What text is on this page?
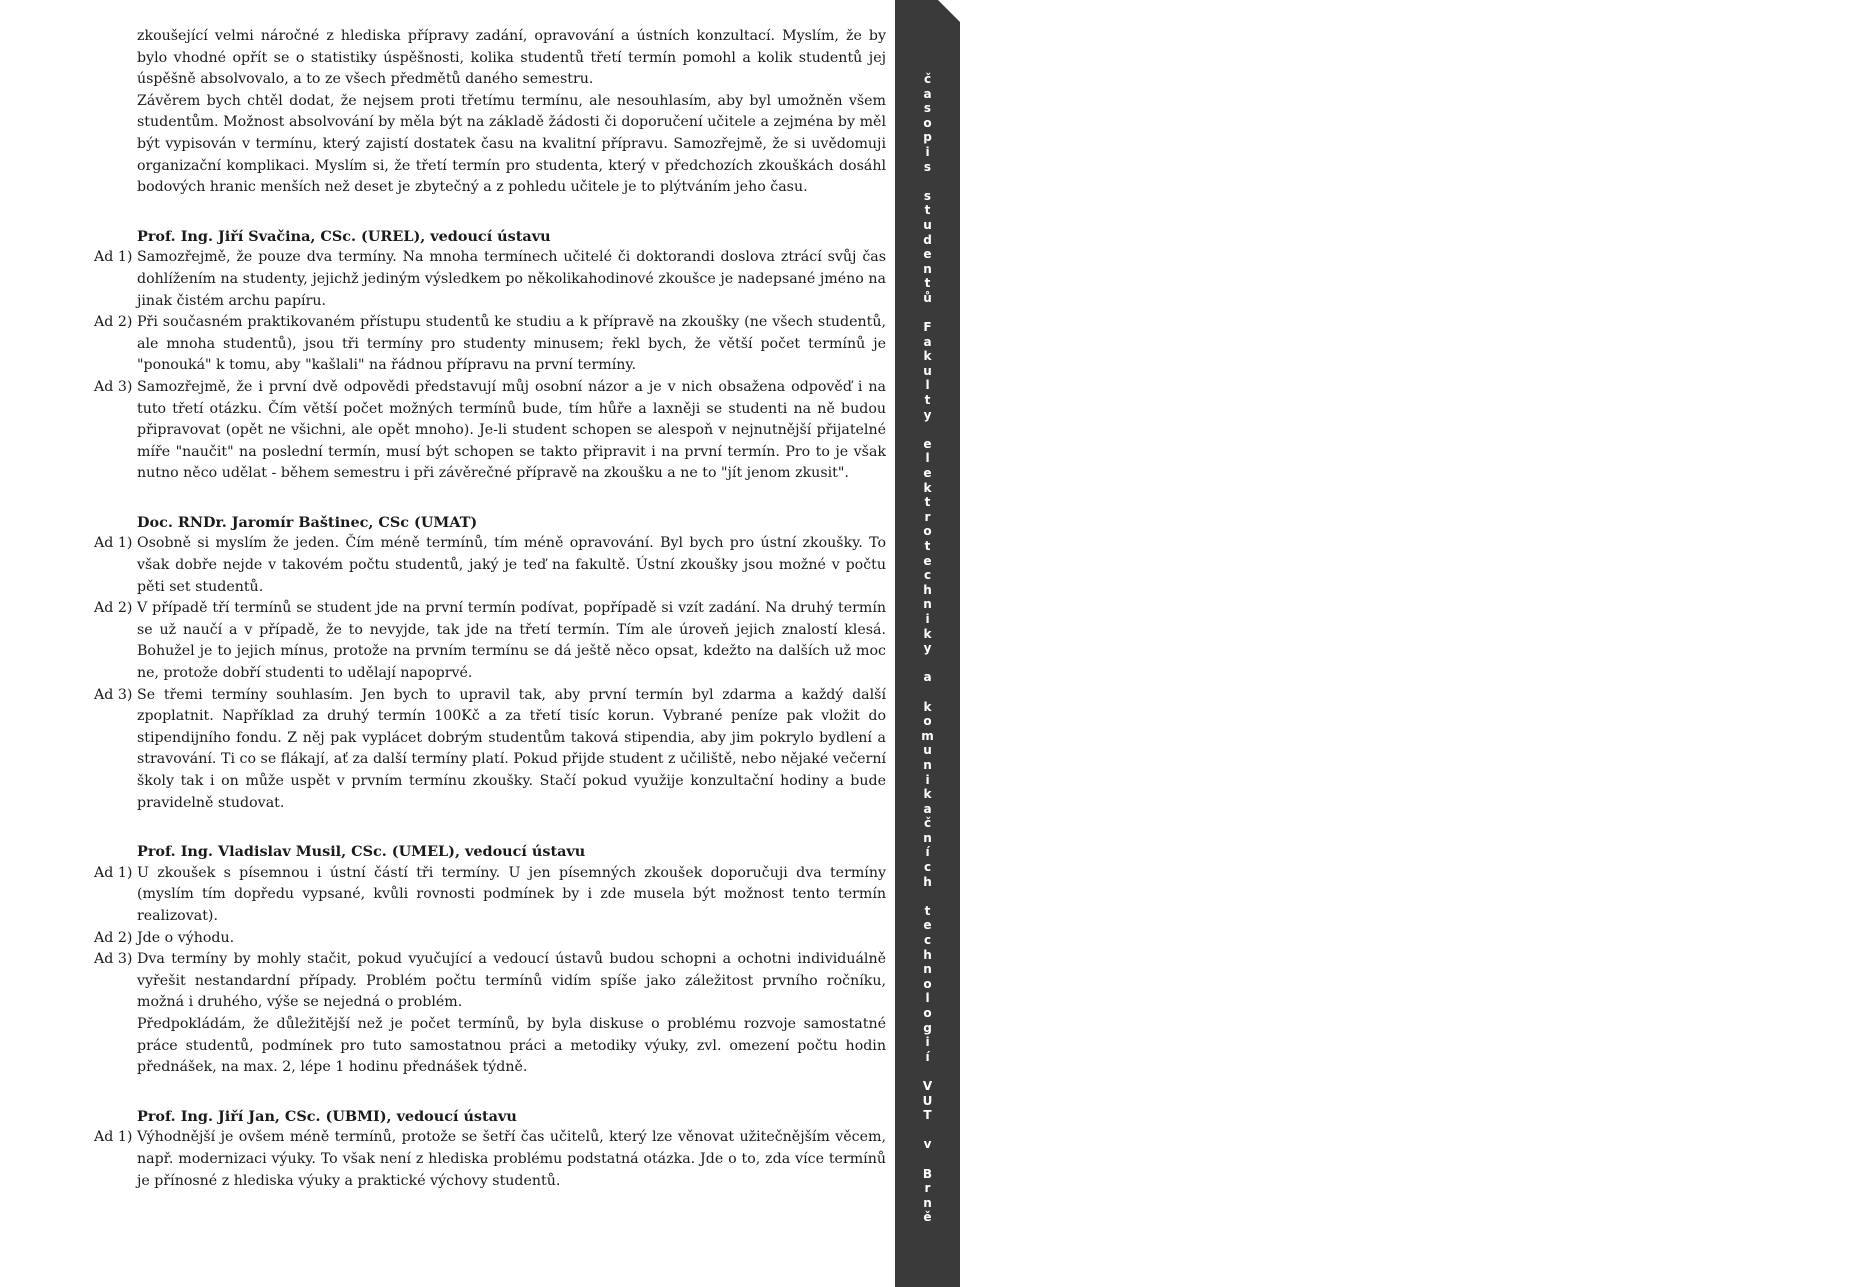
č
a
s
o
p
i
s

s
t
u
d
e
n
t
ů

F
a
k
u
l
t
y

e
l
e
k
t
r
o
t
e
c
h
n
i
k
y

a

k
o
m
u
n
i
k
a
č
n
í
c
h

t
e
c
h
n
o
l
o
g
i
í

V
U
T

v

B
r
n
ě
7

zkoušející velmi náročné z hlediska přípravy zadání, opravování a ústních konzultací. Myslím, že by bylo vhodné opřít se o statistiky úspěšnosti, kolika studentů třetí termín pomohl a kolik studentů jej úspěšně absolvovalo, a to ze všech předmětů daného semestru.

Závěrem bych chtěl dodat, že nejsem proti třetímu termínu, ale nesouhlasím, aby byl umožněn všem studentům. Možnost absolvování by měla být na základě žádosti či doporučení učitele a zejména by měl být vypisován v termínu, který zajistí dostatek času na kvalitní přípravu. Samozřejmě, že si uvědomuji organizační komplikaci. Myslím si, že třetí termín pro studenta, který v předchozích zkouškách dosáhl bodových hranic menších než deset je zbytečný a z pohledu učitele je to plýtváním jeho času.

Prof. Ing. Jiří Svačina, CSc. (UREL), vedoucí ústavu

Ad 1) Samozřejmě, že pouze dva termíny. Na mnoha termínech učitelé či doktorandi doslova ztrácí svůj čas dohlížením na studenty, jejichž jediným výsledkem po několikahodinové zkoušce je nadepsané jméno na jinak čistém archu papíru.
Ad 2) Při současném praktikovaném přístupu studentů ke studiu a k přípravě na zkoušky (ne všech studentů, ale mnoha studentů), jsou tři termíny pro studenty minusem; řekl bych, že větší počet termínů je "ponouká" k tomu, aby "kašlali" na řádnou přípravu na první termíny.
Ad 3) Samozřejmě, že i první dvě odpovědi představují můj osobní názor a je v nich obsažena odpověď i na tuto třetí otázku. Čím větší počet možných termínů bude, tím hůře a laxněji se studenti na ně budou připravovat (opět ne všichni, ale opět mnoho). Je-li student schopen se alespoň v nejnutnější přijatelné míře "naučit" na poslední termín, musí být schopen se takto připravit i na první termín. Pro to je však nutno něco udělat - během semestru i při závěrečné přípravě na zkoušku a ne to "jít jenom zkusit".

Doc. RNDr. Jaromír Baštinec, CSc (UMAT)

Ad 1) Osobně si myslím že jeden. Čím méně termínů, tím méně opravování. Byl bych pro ústní zkoušky. To však dobře nejde v takovém počtu studentů, jaký je teď na fakultě. Ústní zkoušky jsou možné v počtu pěti set studentů.
Ad 2) V případě tří termínů se student jde na první termín podívat, popřípadě si vzít zadání. Na druhý termín se už naučí a v případě, že to nevyjde, tak jde na třetí termín. Tím ale úroveň jejich znalostí klesá. Bohužel je to jejich mínus, protože na prvním termínu se dá ještě něco opsat, kdežto na dalších už moc ne, protože dobří studenti to udělají napoprvé.
Ad 3) Se třemi termíny souhlasím. Jen bych to upravil tak, aby první termín byl zdarma a každý další zpoplatnit. Například za druhý termín 100Kč a za třetí tisíc korun. Vybrané peníze pak vložit do stipendijního fondu. Z něj pak vyplácet dobrým studentům taková stipendia, aby jim pokrylo bydlení a stravování. Ti co se flákají, ať za další termíny platí. Pokud přijde student z učiliště, nebo nějaké večerní školy tak i on může uspět v prvním termínu zkoušky. Stačí pokud využije konzultační hodiny a bude pravidelně studovat.

Prof. Ing. Vladislav Musil, CSc. (UMEL), vedoucí ústavu

Ad 1) U zkoušek s písemnou i ústní částí tři termíny. U jen písemných zkoušek doporučuji dva termíny (myslím tím dopředu vypsané, kvůli rovnosti podmínek by i zde musela být možnost tento termín realizovat).
Ad 2) Jde o výhodu.
Ad 3) Dva termíny by mohly stačit, pokud vyučující a vedoucí ústavů budou schopni a ochotni individuálně vyřešit nestandardní případy. Problém počtu termínů vidím spíše jako záležitost prvního ročníku, možná i druhého, výše se nejedná o problém.

Předpokládám, že důležitější než je počet termínů, by byla diskuse o problému rozvoje samostatné práce studentů, podmínek pro tuto samostatnou práci a metodiky výuky, zvl. omezení počtu hodin přednášek, na max. 2, lépe 1 hodinu přednášek týdně.

Prof. Ing. Jiří Jan, CSc. (UBMI), vedoucí ústavu

Ad 1) Výhodnější je ovšem méně termínů, protože se šetří čas učitelů, který lze věnovat užitečnějším věcem, např. modernizaci výuky. To však není z hlediska problému podstatná otázka. Jde o to, zda více termínů je přínosné z hlediska výuky a praktické výchovy studentů.
